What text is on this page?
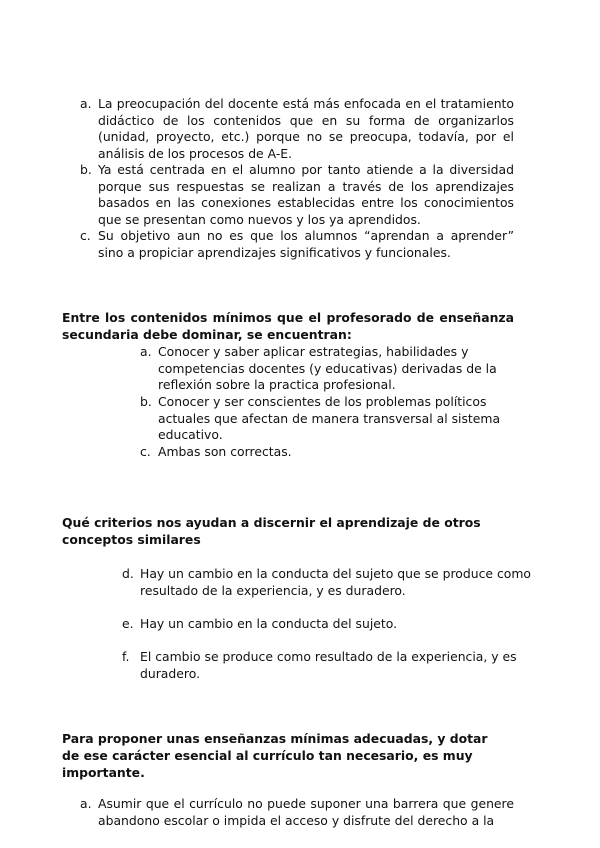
a. La preocupación del docente está más enfocada en el tratamiento didáctico de los contenidos que en su forma de organizarlos (unidad, proyecto, etc.) porque no se preocupa, todavía, por el análisis de los procesos de A-E.
b. Ya está centrada en el alumno por tanto atiende a la diversidad porque sus respuestas se realizan a través de los aprendizajes basados en las conexiones establecidas entre los conocimientos que se presentan como nuevos y los ya aprendidos.
c. Su objetivo aun no es que los alumnos “aprendan a aprender” sino a propiciar aprendizajes significativos y funcionales.
Entre los contenidos mínimos que el profesorado de enseñanza secundaria debe dominar, se encuentran:
a. Conocer y saber aplicar estrategias, habilidades y competencias docentes (y educativas) derivadas de la reflexión sobre la practica profesional.
b. Conocer y ser conscientes de los problemas políticos actuales que afectan de manera transversal al sistema educativo.
c. Ambas son correctas.
Qué criterios nos ayudan a discernir el aprendizaje de otros conceptos similares
d. Hay un cambio en la conducta del sujeto que se produce como resultado de la experiencia, y es duradero.
e. Hay un cambio en la conducta del sujeto.
f. El cambio se produce como resultado de la experiencia, y es duradero.
Para proponer unas enseñanzas mínimas adecuadas, y dotar de ese carácter esencial al currículo tan necesario, es muy importante.
a. Asumir que el currículo no puede suponer una barrera que genere abandono escolar o impida el acceso y disfrute del derecho a la
